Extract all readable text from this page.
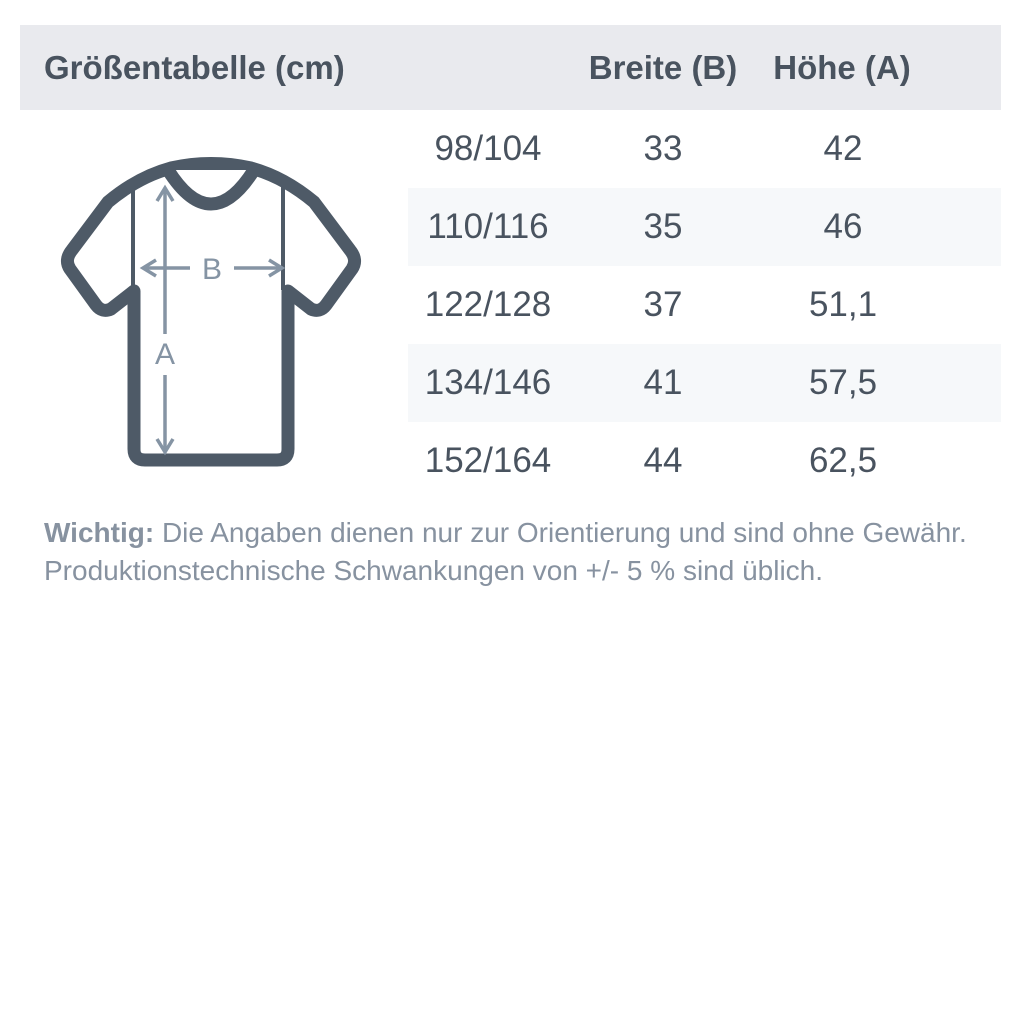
Größentabelle (cm)	Breite (B)	Höhe (A)
A
B
98/104	33	42
110/116	35	46
122/128	37	51,1
134/146	41	57,5
152/164	44	62,5
Wichtig: Die Angaben dienen nur zur Orientierung und sind ohne Gewähr.
Produktionstechnische Schwankungen von +/- 5 % sind üblich.
